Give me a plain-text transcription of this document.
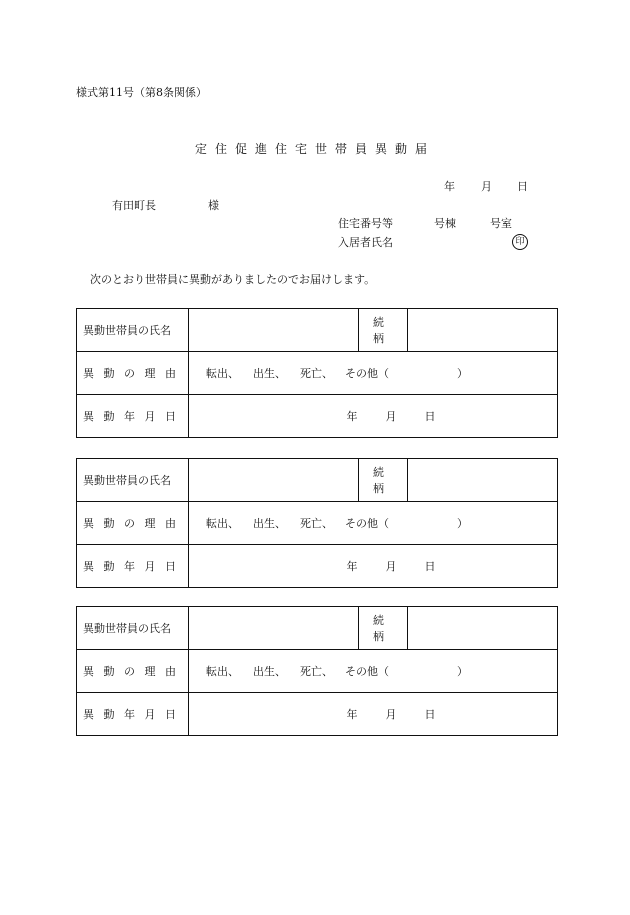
様式第11号（第8条関係）
定住促進住宅世帯員異動届
年 月 日
有田町長	様
住宅番号等	号棟	号室
入居者氏名	印
次のとおり世帯員に異動がありましたのでお届けします。
異動世帯員の氏名		続　柄	
異動の理由	転出、 出生、 死亡、 その他（ ）		
異動年月日	年 月 日		
異動世帯員の氏名		続　柄	
異動の理由	転出、 出生、 死亡、 その他（ ）		
異動年月日	年 月 日		
異動世帯員の氏名		続　柄	
異動の理由	転出、 出生、 死亡、 その他（ ）		
異動年月日	年 月 日		
